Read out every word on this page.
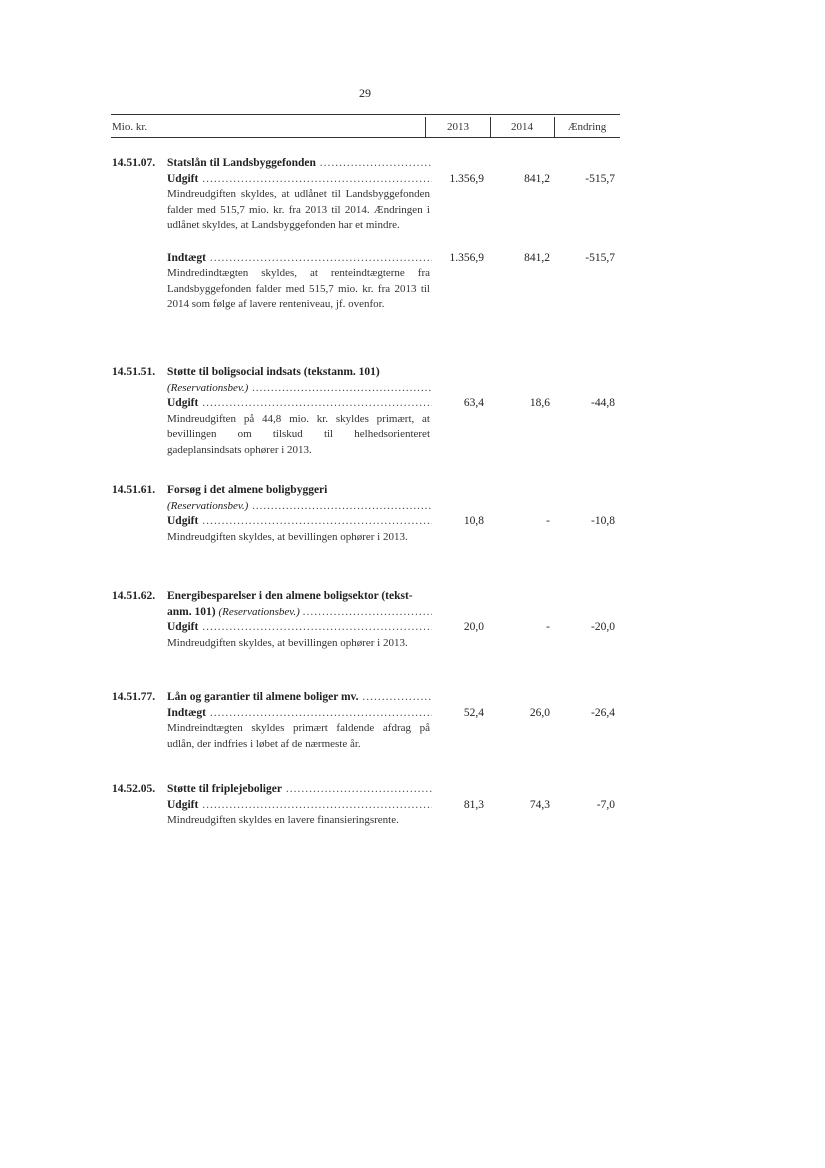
29
Mio. kr.	2013	2014	Ændring
14.51.07. Statslån til Landsbyggefonden .....
Udgift .....	1.356,9	841,2	-515,7
Mindreudgiften skyldes, at udlånet til Landsbyggefonden falder med 515,7 mio. kr. fra 2013 til 2014. Ændringen i udlånet skyldes, at Landsbyggefonden har et mindre.
Indtægt .....	1.356,9	841,2	-515,7
Mindredindtægten skyldes, at renteindtægterne fra Landsbyggefonden falder med 515,7 mio. kr. fra 2013 til 2014 som følge af lavere renteniveau, jf. ovenfor.
14.51.51. Støtte til boligsocial indsats (tekstanm. 101)
(Reservationsbev.) .....
Udgift .....	63,4	18,6	-44,8
Mindreudgiften på 44,8 mio. kr. skyldes primært, at bevillingen om tilskud til helhedsorienteret gadeplansindsats ophører i 2013.
14.51.61. Forsøg i det almene boligbyggeri
(Reservationsbev.) .....
Udgift .....	10,8	-	-10,8
Mindreudgiften skyldes, at bevillingen ophører i 2013.
14.51.62. Energibesparelser i den almene boligsektor (tekst-
anm. 101) (Reservationsbev.) .....
Udgift .....	20,0	-	-20,0
Mindreudgiften skyldes, at bevillingen ophører i 2013.
14.51.77. Lån og garantier til almene boliger mv. .....
Indtægt .....	52,4	26,0	-26,4
Mindreindtægten skyldes primært faldende afdrag på udlån, der indfries i løbet af de nærmeste år.
14.52.05. Støtte til friplejeboliger .....
Udgift .....	81,3	74,3	-7,0
Mindreudgiften skyldes en lavere finansieringsrente.
